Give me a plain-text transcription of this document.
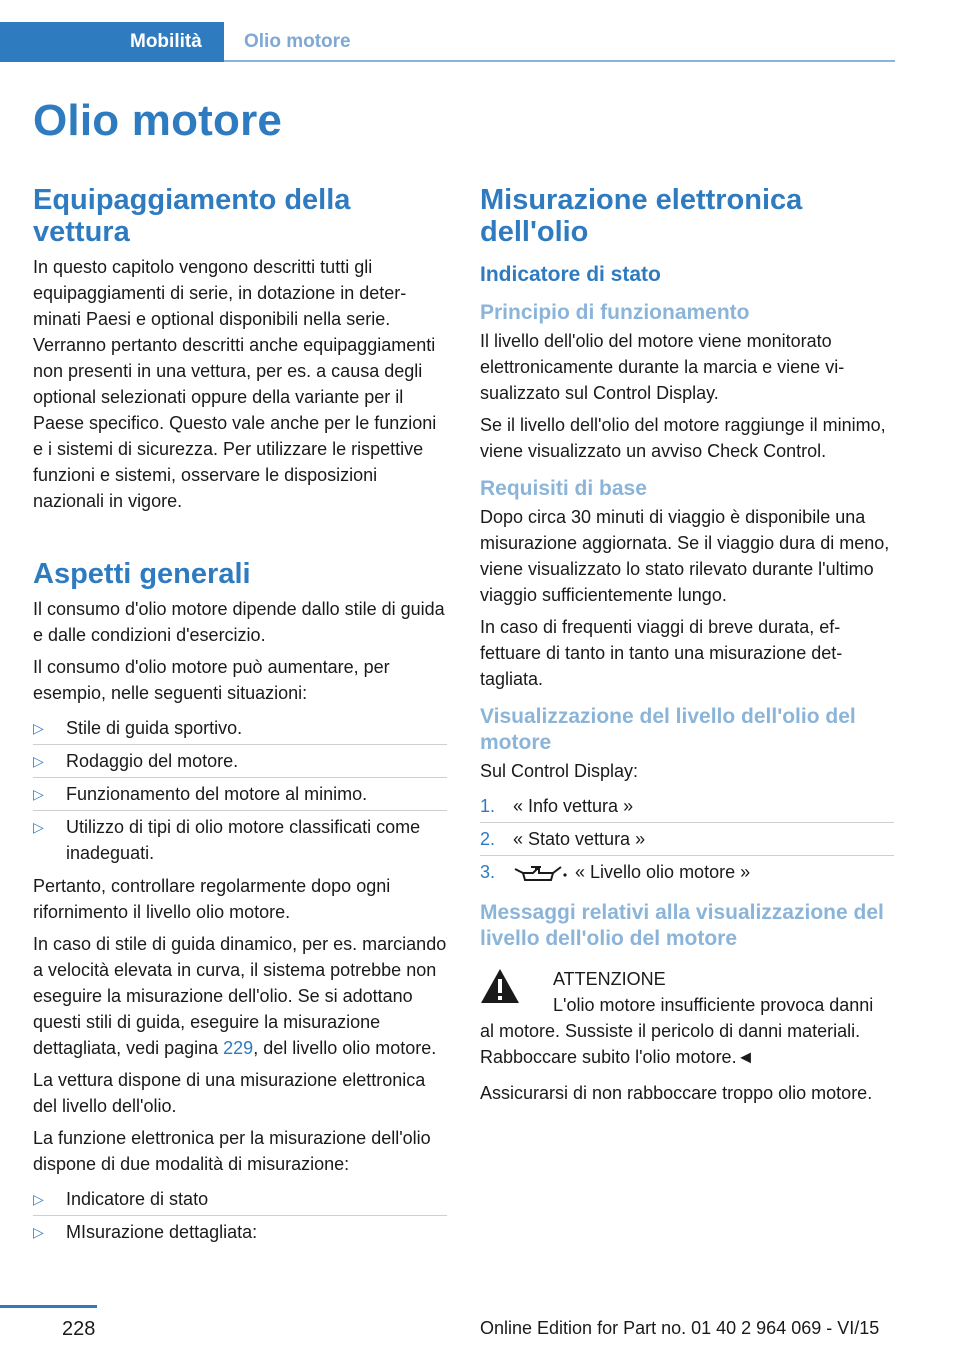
Mobilità	Olio motore
Olio motore
Equipaggiamento della vettura

In questo capitolo vengono descritti tutti gli equipaggiamenti di serie, in dotazione in determinati Paesi e optional disponibili nella serie. Verranno pertanto descritti anche equipaggiamenti non presenti in una vettura, per es. a causa degli optional selezionati oppure della variante per il Paese specifico. Questo vale anche per le funzioni e i sistemi di sicurezza. Per utilizzare le rispettive funzioni e sistemi, osservare le disposizioni nazionali in vigore.

Aspetti generali

Il consumo d'olio motore dipende dallo stile di guida e dalle condizioni d'esercizio.

Il consumo d'olio motore può aumentare, per esempio, nelle seguenti situazioni:

▷ Stile di guida sportivo.
▷ Rodaggio del motore.
▷ Funzionamento del motore al minimo.
▷ Utilizzo di tipi di olio motore classificati come inadeguati.

Pertanto, controllare regolarmente dopo ogni rifornimento il livello olio motore.

In caso di stile di guida dinamico, per es. marciando a velocità elevata in curva, il sistema potrebbe non eseguire la misurazione dell'olio. Se si adottano questi stili di guida, eseguire la misurazione dettagliata, vedi pagina 229, del livello olio motore.

La vettura dispone di una misurazione elettronica del livello dell'olio.

La funzione elettronica per la misurazione dell'olio dispone di due modalità di misurazione:

▷ Indicatore di stato
▷ MIsurazione dettagliata:
Misurazione elettronica dell'olio
Indicatore di stato
Principio di funzionamento

Il livello dell'olio del motore viene monitorato elettronicamente durante la marcia e viene visualizzato sul Control Display.

Se il livello dell'olio del motore raggiunge il minimo, viene visualizzato un avviso Check Control.

Requisiti di base

Dopo circa 30 minuti di viaggio è disponibile una misurazione aggiornata. Se il viaggio dura di meno, viene visualizzato lo stato rilevato durante l'ultimo viaggio sufficientemente lungo.

In caso di frequenti viaggi di breve durata, effettuare di tanto in tanto una misurazione dettagliata.

Visualizzazione del livello dell'olio del motore

Sul Control Display:

1. « Info vettura »
2. « Stato vettura »
3.	« Livello olio motore »
Messaggi relativi alla visualizzazione del livello dell'olio del motore
ATTENZIONE
L'olio motore insufficiente provoca danni
al motore. Sussiste il pericolo di danni materiali. Rabboccare subito l'olio motore.◄

Assicurarsi di non rabboccare troppo olio motore.

228	Online Edition for Part no. 01 40 2 964 069 - VI/15
